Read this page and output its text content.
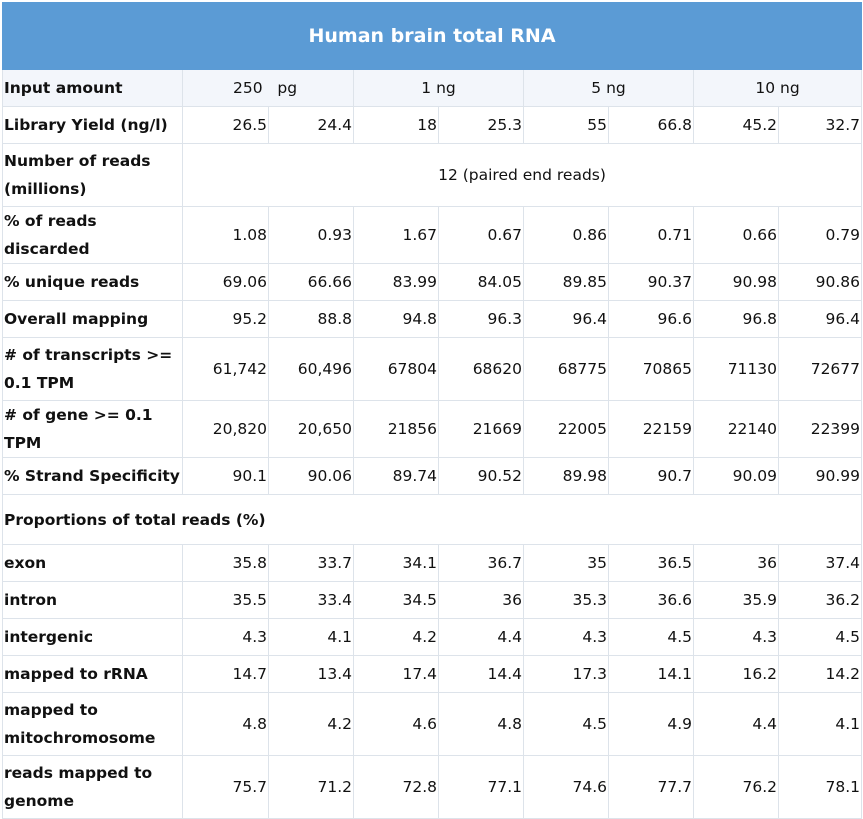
Human brain total RNA								
Input amount	250 pg		1 ng		5 ng		10 ng	
Library Yield (ng/l)	26.5	24.4	18	25.3	55	66.8	45.2	32.7
Number of reads (millions)	12 (paired end reads)							
% of reads discarded	1.08	0.93	1.67	0.67	0.86	0.71	0.66	0.79
% unique reads	69.06	66.66	83.99	84.05	89.85	90.37	90.98	90.86
Overall mapping	95.2	88.8	94.8	96.3	96.4	96.6	96.8	96.4
# of transcripts >= 0.1 TPM	61,742	60,496	67804	68620	68775	70865	71130	72677
# of gene >= 0.1 TPM	20,820	20,650	21856	21669	22005	22159	22140	22399
% Strand Specificity	90.1	90.06	89.74	90.52	89.98	90.7	90.09	90.99
Proportions of total reads (%)								
exon	35.8	33.7	34.1	36.7	35	36.5	36	37.4
intron	35.5	33.4	34.5	36	35.3	36.6	35.9	36.2
intergenic	4.3	4.1	4.2	4.4	4.3	4.5	4.3	4.5
mapped to rRNA	14.7	13.4	17.4	14.4	17.3	14.1	16.2	14.2
mapped to mitochromosome	4.8	4.2	4.6	4.8	4.5	4.9	4.4	4.1
reads mapped to genome	75.7	71.2	72.8	77.1	74.6	77.7	76.2	78.1
